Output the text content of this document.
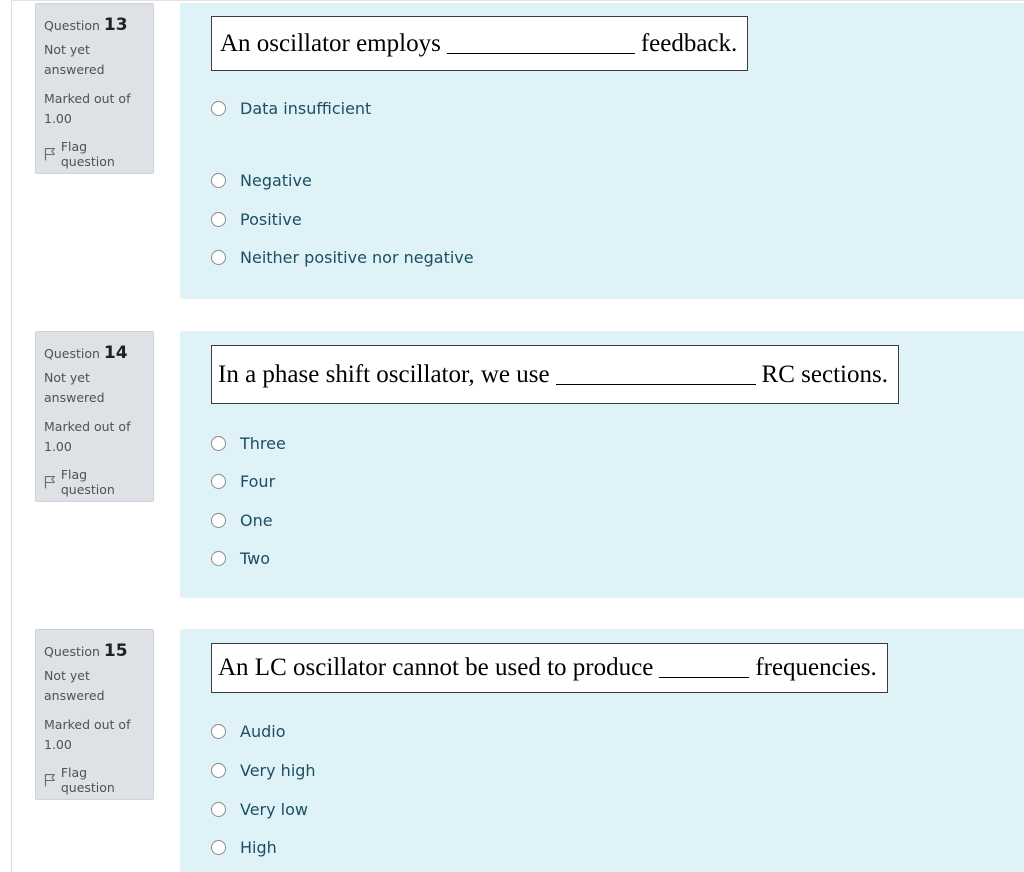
Question 13
Not yet answered
Marked out of 1.00
Flag question
An oscillator employs	feedback.
Data insufficient
Negative
Positive
Neither positive nor negative
Question 14
Not yet answered
Marked out of 1.00
Flag question
In a phase shift oscillator, we use	RC sections.
Three
Four
One
Two
Question 15
Not yet answered
Marked out of 1.00
Flag question
An LC oscillator cannot be used to produce	frequencies.
Audio
Very high
Very low
High
